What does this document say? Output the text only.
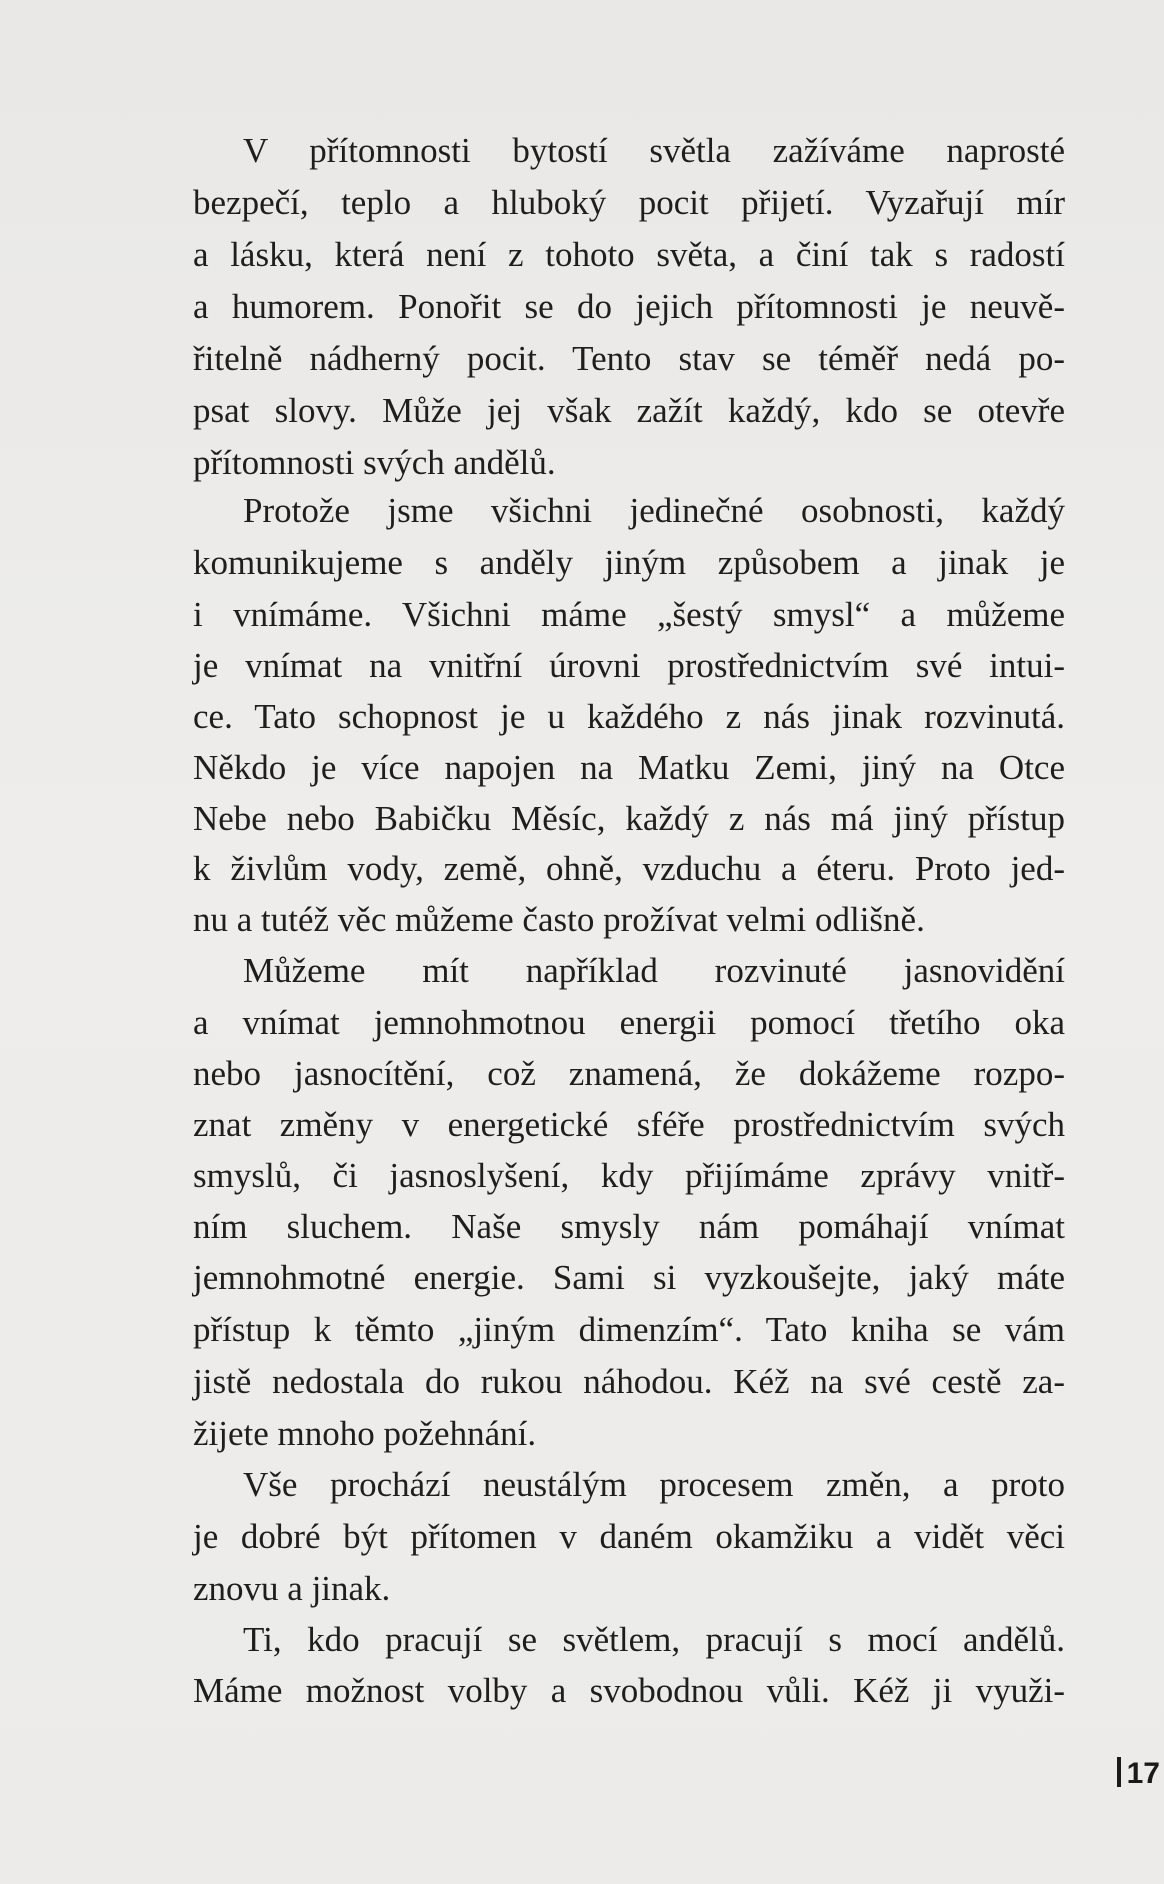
V přítomnosti bytostí světla zažíváme naprosté
bezpečí, teplo a hluboký pocit přijetí. Vyzařují mír
a lásku, která není z tohoto světa, a činí tak s radostí
a humorem. Ponořit se do jejich přítomnosti je neuvě-
řitelně nádherný pocit. Tento stav se téměř nedá po-
psat slovy. Může jej však zažít každý, kdo se otevře
přítomnosti svých andělů.
Protože jsme všichni jedinečné osobnosti, každý
komunikujeme s anděly jiným způsobem a jinak je
i vnímáme. Všichni máme „šestý smysl“ a můžeme
je vnímat na vnitřní úrovni prostřednictvím své intui-
ce. Tato schopnost je u každého z nás jinak rozvinutá.
Někdo je více napojen na Matku Zemi, jiný na Otce
Nebe nebo Babičku Měsíc, každý z nás má jiný přístup
k živlům vody, země, ohně, vzduchu a éteru. Proto jed-
nu a tutéž věc můžeme často prožívat velmi odlišně.
Můžeme mít například rozvinuté jasnovidění
a vnímat jemnohmotnou energii pomocí třetího oka
nebo jasnocítění, což znamená, že dokážeme rozpo-
znat změny v energetické sféře prostřednictvím svých
smyslů, či jasnoslyšení, kdy přijímáme zprávy vnitř-
ním sluchem. Naše smysly nám pomáhají vnímat
jemnohmotné energie. Sami si vyzkoušejte, jaký máte
přístup k těmto „jiným dimenzím“. Tato kniha se vám
jistě nedostala do rukou náhodou. Kéž na své cestě za-
žijete mnoho požehnání.
Vše prochází neustálým procesem změn, a proto
je dobré být přítomen v daném okamžiku a vidět věci
znovu a jinak.
Ti, kdo pracují se světlem, pracují s mocí andělů.
Máme možnost volby a svobodnou vůli. Kéž ji využi-
17
